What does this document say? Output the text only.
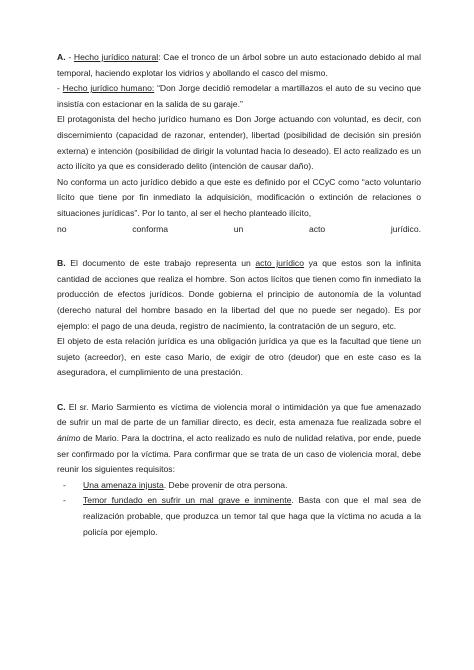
A. - Hecho jurídico natural: Cae el tronco de un árbol sobre un auto estacionado debido al mal temporal, haciendo explotar los vidrios y abollando el casco del mismo.

- Hecho jurídico humano: “Don Jorge decidió remodelar a martillazos el auto de su vecino que insistía con estacionar en la salida de su garaje.”

El protagonista del hecho jurídico humano es Don Jorge actuando con voluntad, es decir, con discernimiento (capacidad de razonar, entender), libertad (posibilidad de decisión sin presión externa) e intención (posibilidad de dirigir la voluntad hacia lo deseado). El acto realizado es un acto ilícito ya que es considerado delito (intención de causar daño).

No conforma un acto jurídico debido a que este es definido por el CCyC como “acto voluntario lícito que tiene por fin inmediato la adquisición, modificación o extinción de relaciones o situaciones jurídicas”. Por lo tanto, al ser el hecho planteado ilícito,

no	conforma	un	acto	jurídico.

B. El documento de este trabajo representa un acto jurídico ya que estos son la infinita cantidad de acciones que realiza el hombre. Son actos lícitos que tienen como fin inmediato la producción de efectos jurídicos. Donde gobierna el principio de autonomía de la voluntad (derecho natural del hombre basado en la libertad del que no puede ser negado). Es por ejemplo: el pago de una deuda, registro de nacimiento, la contratación de un seguro, etc.

El objeto de esta relación jurídica es una obligación jurídica ya que es la facultad que tiene un sujeto (acreedor), en este caso Mario, de exigir de otro (deudor) que en este caso es la aseguradora, el cumplimiento de una prestación.

C. El sr. Mario Sarmiento es víctima de violencia moral o intimidación ya que fue amenazado de sufrir un mal de parte de un familiar directo, es decir, esta amenaza fue realizada sobre el ánimo de Mario. Para la doctrina, el acto realizado es nulo de nulidad relativa, por ende, puede ser confirmado por la víctima. Para confirmar que se trata de un caso de violencia moral, debe reunir los siguientes requisitos:

- Una amenaza injusta. Debe provenir de otra persona.
- Temor fundado en sufrir un mal grave e inminente. Basta con que el mal sea de realización probable, que produzca un temor tal que haga que la víctima no acuda a la policía por ejemplo.
